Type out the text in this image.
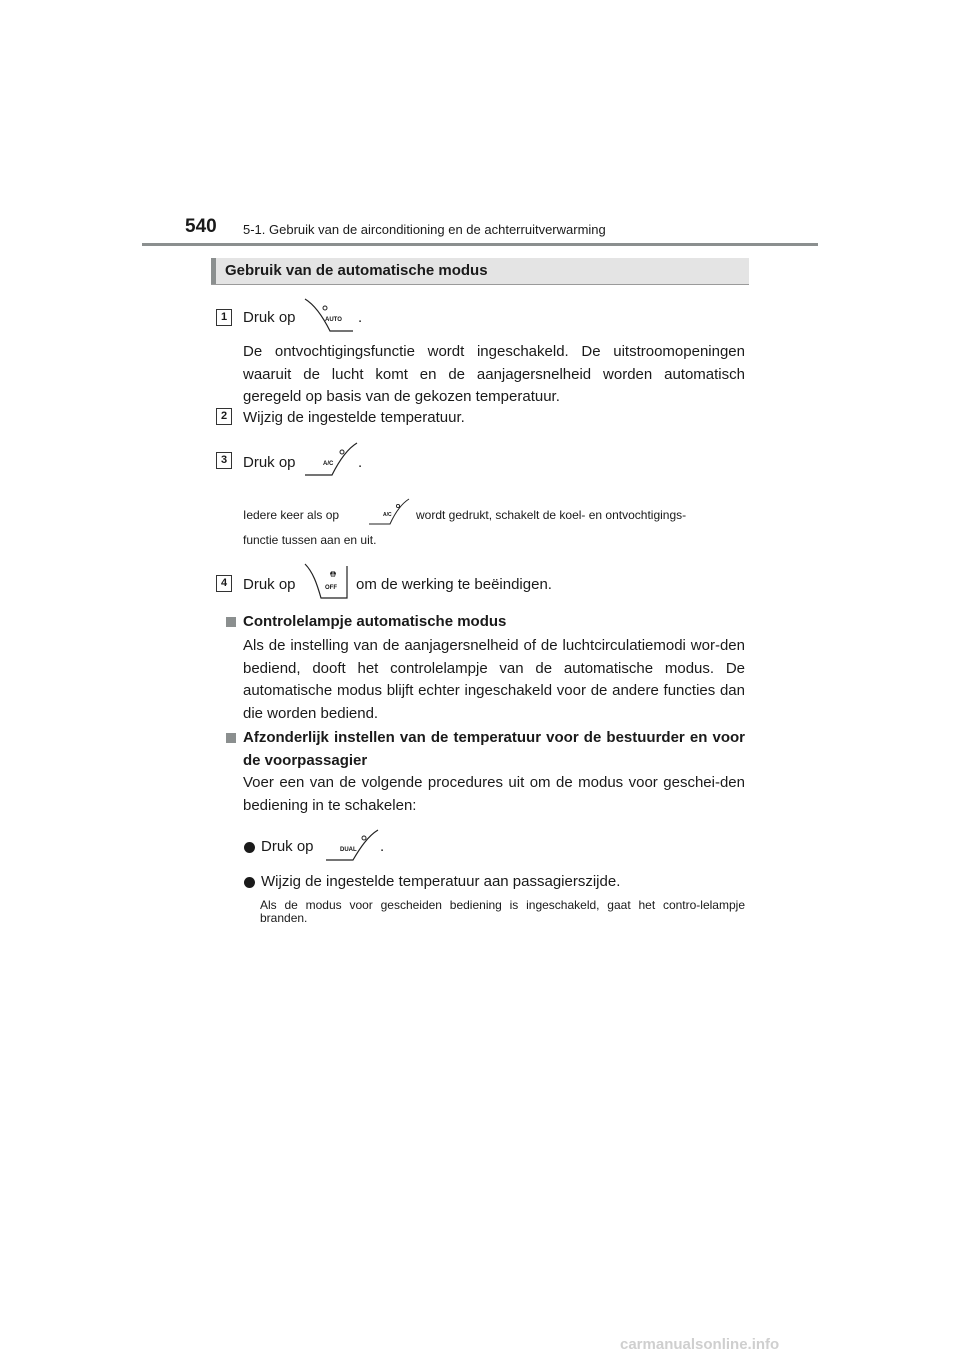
540 5-1. Gebruik van de airconditioning en de achterruitverwarming
Gebruik van de automatische modus
1	Druk op	AUTO .
De ontvochtigingsfunctie wordt ingeschakeld. De uitstroomopeningen waaruit de lucht komt en de aanjagersnelheid worden automatisch geregeld op basis van de gekozen temperatuur.
2	Wijzig de ingestelde temperatuur.
3	Druk op	A/C .
Iedere keer als op	A/C wordt gedrukt, schakelt de koel- en ontvochtigings-
functie tussen aan en uit.
4	Druk op	OFF om de werking te beëindigen.
Controlelampje automatische modus
Als de instelling van de aanjagersnelheid of de luchtcirculatiemodi wor-den bediend, dooft het controlelampje van de automatische modus. De automatische modus blijft echter ingeschakeld voor de andere functies dan die worden bediend.
Afzonderlijk instellen van de temperatuur voor de bestuurder en voor de voorpassagier
Voer een van de volgende procedures uit om de modus voor geschei-den bediening in te schakelen:
Druk op	DUAL .
Wijzig de ingestelde temperatuur aan passagierszijde.
Als de modus voor gescheiden bediening is ingeschakeld, gaat het contro-lelampje branden.
carmanualsonline.info
